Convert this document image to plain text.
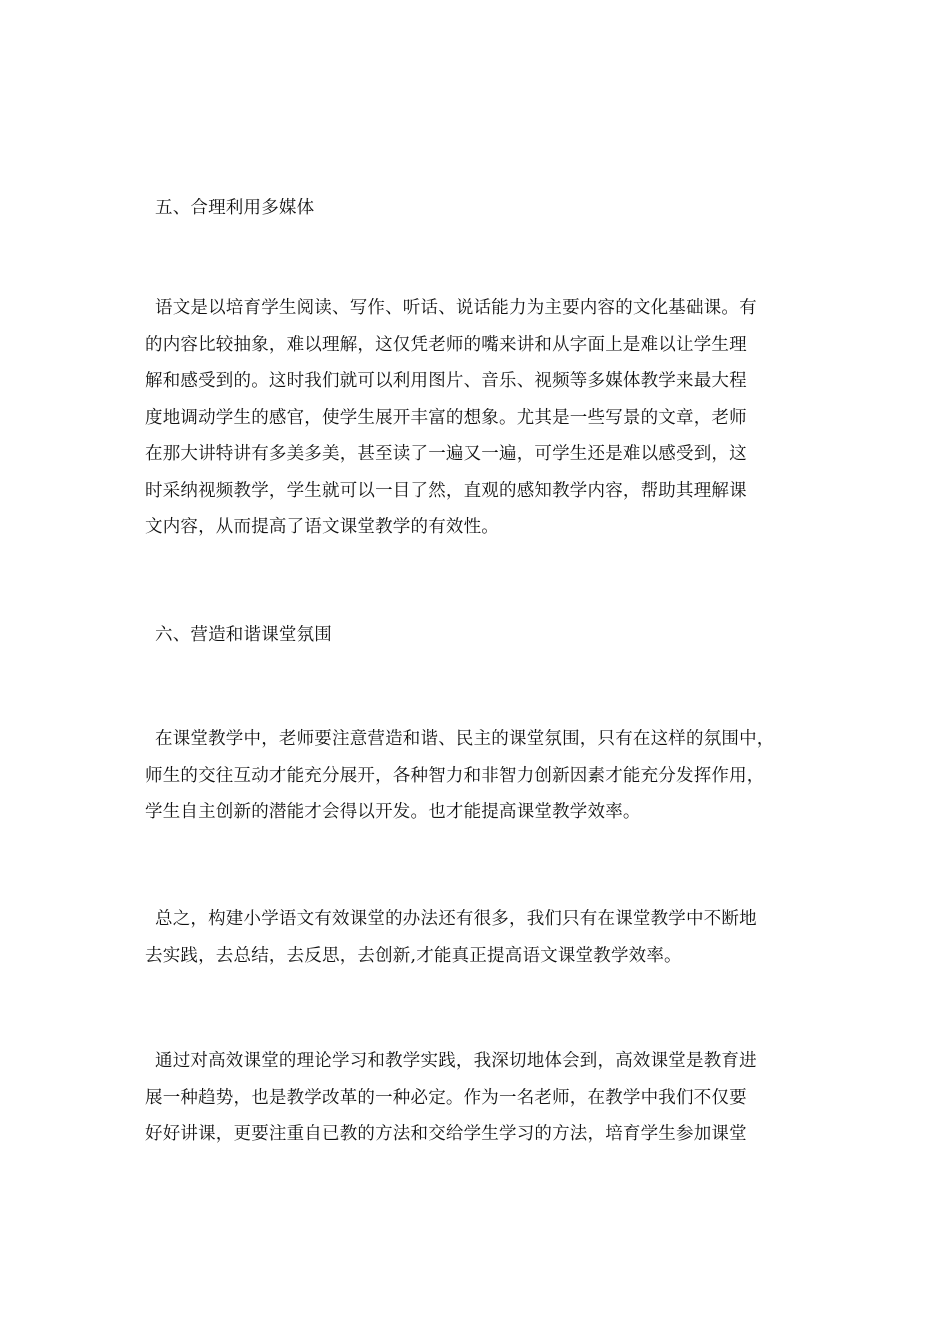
五、合理利用多媒体
语文是以培育学生阅读、写作、听话、说话能力为主要内容的文化基础课。有
的内容比较抽象，难以理解，这仅凭老师的嘴来讲和从字面上是难以让学生理
解和感受到的。这时我们就可以利用图片、音乐、视频等多媒体教学来最大程
度地调动学生的感官，使学生展开丰富的想象。尤其是一些写景的文章，老师
在那大讲特讲有多美多美，甚至读了一遍又一遍，可学生还是难以感受到，这
时采纳视频教学，学生就可以一目了然，直观的感知教学内容，帮助其理解课
文内容，从而提高了语文课堂教学的有效性。
六、营造和谐课堂氛围
在课堂教学中，老师要注意营造和谐、民主的课堂氛围，只有在这样的氛围中，
师生的交往互动才能充分展开，各种智力和非智力创新因素才能充分发挥作用，
学生自主创新的潜能才会得以开发。也才能提高课堂教学效率。
总之，构建小学语文有效课堂的办法还有很多，我们只有在课堂教学中不断地
去实践，去总结，去反思，去创新,才能真正提高语文课堂教学效率。
通过对高效课堂的理论学习和教学实践，我深切地体会到，高效课堂是教育进
展一种趋势，也是教学改革的一种必定。作为一名老师，在教学中我们不仅要
好好讲课，更要注重自已教的方法和交给学生学习的方法，培育学生参加课堂
